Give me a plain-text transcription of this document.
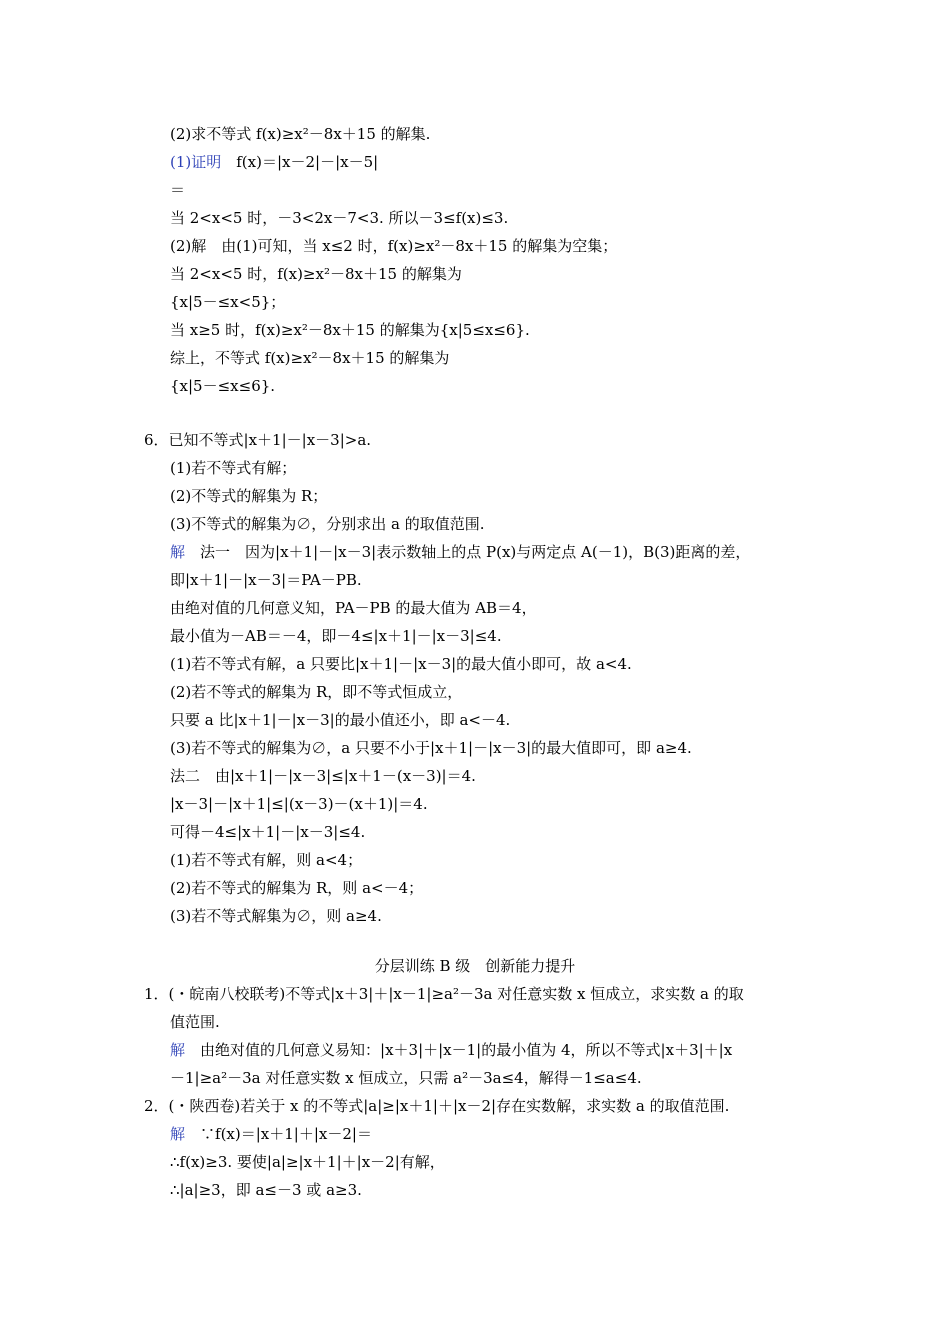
(2)求不等式 f(x)≥x²－8x＋15 的解集.
(1)证明　f(x)＝|x－2|－|x－5|
＝
当 2<x<5 时，－3<2x－7<3. 所以－3≤f(x)≤3.
(2)解　由(1)可知，当 x≤2 时，f(x)≥x²－8x＋15 的解集为空集；
当 2<x<5 时，f(x)≥x²－8x＋15 的解集为
{x|5－≤x<5}；
当 x≥5 时，f(x)≥x²－8x＋15 的解集为{x|5≤x≤6}.
综上，不等式 f(x)≥x²－8x＋15 的解集为
{x|5－≤x≤6}.
6．已知不等式|x＋1|－|x－3|>a.
(1)若不等式有解；
(2)不等式的解集为 R；
(3)不等式的解集为∅，分别求出 a 的取值范围.
解　法一　因为|x＋1|－|x－3|表示数轴上的点 P(x)与两定点 A(－1)，B(3)距离的差，
即|x＋1|－|x－3|＝PA－PB.
由绝对值的几何意义知，PA－PB 的最大值为 AB＝4，
最小值为－AB＝－4，即－4≤|x＋1|－|x－3|≤4.
(1)若不等式有解，a 只要比|x＋1|－|x－3|的最大值小即可，故 a<4.
(2)若不等式的解集为 R，即不等式恒成立，
只要 a 比|x＋1|－|x－3|的最小值还小，即 a<－4.
(3)若不等式的解集为∅，a 只要不小于|x＋1|－|x－3|的最大值即可，即 a≥4.
法二　由|x＋1|－|x－3|≤|x＋1－(x－3)|＝4.
|x－3|－|x＋1|≤|(x－3)－(x＋1)|＝4.
可得－4≤|x＋1|－|x－3|≤4.
(1)若不等式有解，则 a<4；
(2)若不等式的解集为 R，则 a<－4；
(3)若不等式解集为∅，则 a≥4.
分层训练 B 级　创新能力提升
1．(・皖南八校联考)不等式|x＋3|＋|x－1|≥a²－3a 对任意实数 x 恒成立，求实数 a 的取
值范围.
解　由绝对值的几何意义易知：|x＋3|＋|x－1|的最小值为 4，所以不等式|x＋3|＋|x
－1|≥a²－3a 对任意实数 x 恒成立，只需 a²－3a≤4，解得－1≤a≤4.
2．(・陕西卷)若关于 x 的不等式|a|≥|x＋1|＋|x－2|存在实数解，求实数 a 的取值范围.
解　∵f(x)＝|x＋1|＋|x－2|＝
∴f(x)≥3. 要使|a|≥|x＋1|＋|x－2|有解，
∴|a|≥3，即 a≤－3 或 a≥3.
